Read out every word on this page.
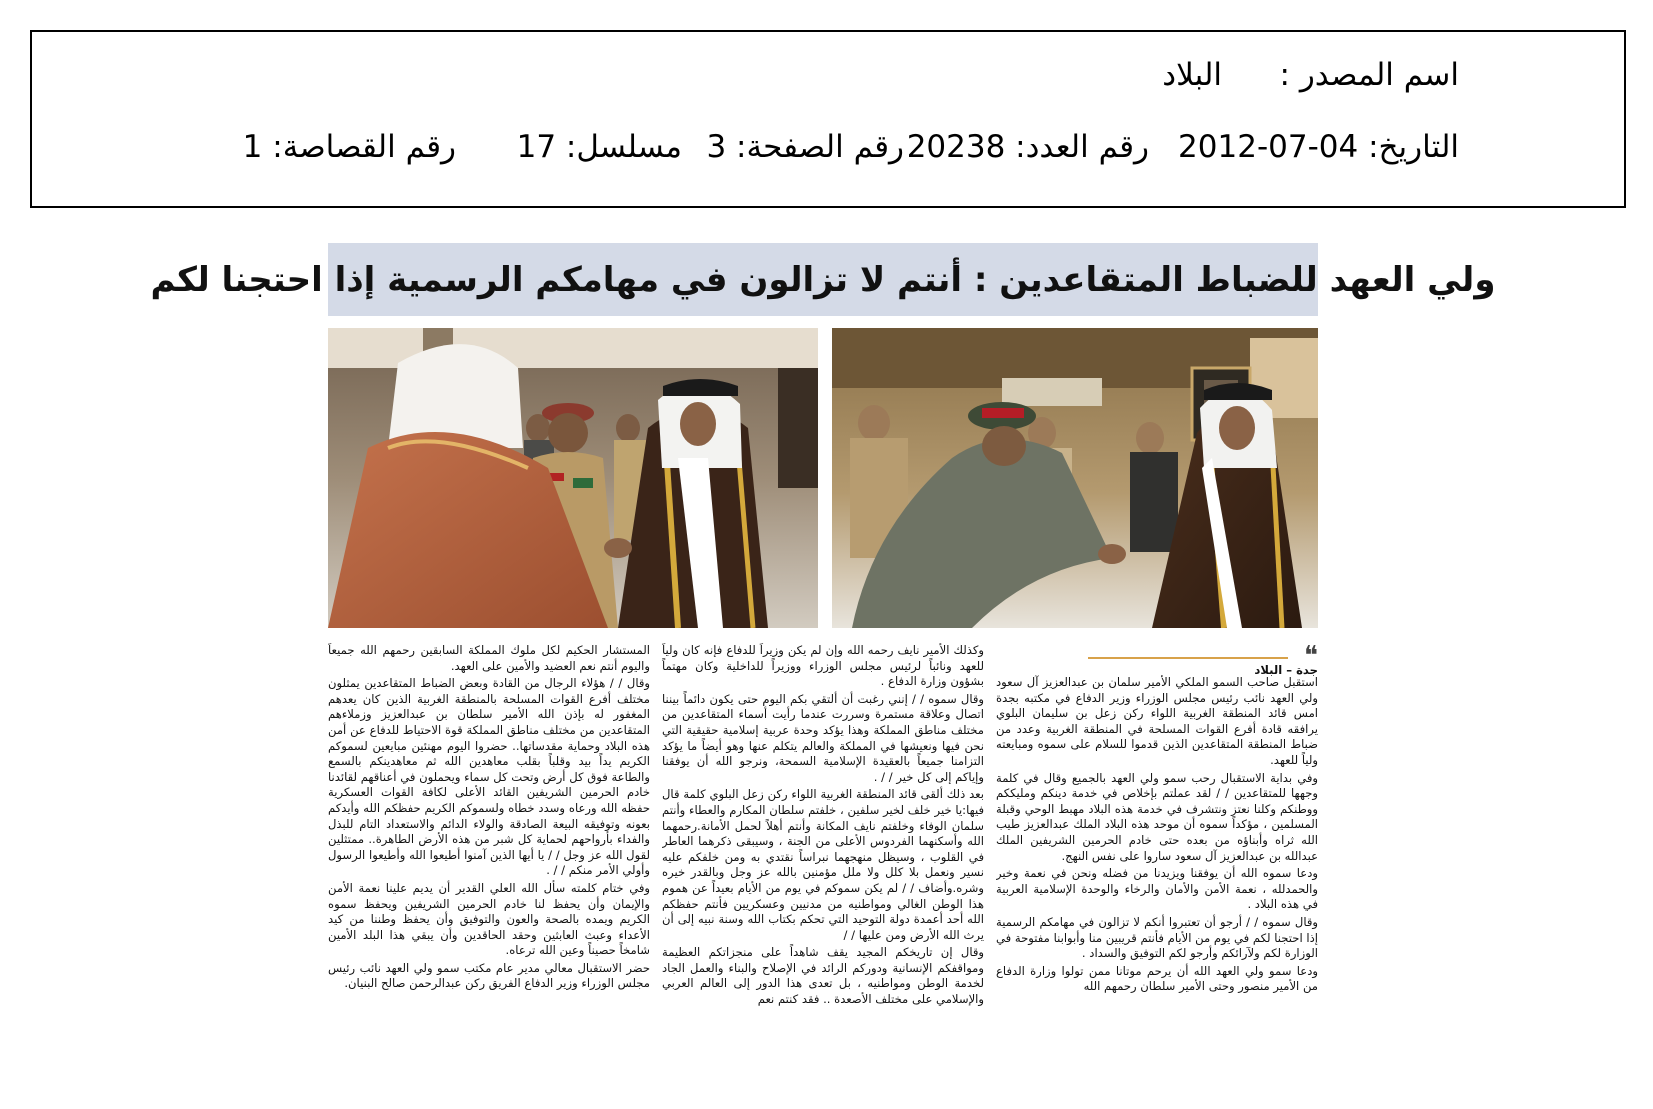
اسم المصدر :
البلاد
التاريخ: 04-07-2012
رقم العدد: 20238
رقم الصفحة: 3
مسلسل: 17
رقم القصاصة: 1
ولي العهد للضباط المتقاعدين : أنتم لا تزالون في مهامكم الرسمية إذا احتجنا لكم
❝
جدة – البلاد

استقبل صاحب السمو الملكي الأمير سلمان بن عبدالعزيز آل سعود ولي العهد نائب رئيس مجلس الوزراء وزير الدفاع في مكتبه بجدة امس قائد المنطقة الغربية اللواء ركن زعل بن سليمان البلوي يرافقه قادة أفرع القوات المسلحة في المنطقة الغربية وعدد من ضباط المنطقة المتقاعدين الذين قدموا للسلام على سموه ومبايعته ولياً للعهد.

وفي بداية الاستقبال رحب سمو ولي العهد بالجميع وقال في كلمة وجهها للمتقاعدين / / لقد عملتم بإخلاص في خدمة دينكم ومليككم ووطنكم وكلنا نعتز ونتشرف في خدمة هذه البلاد مهبط الوحي وقبلة المسلمين ، مؤكداً سموه أن موحد هذه البلاد الملك عبدالعزيز طيب الله ثراه وأبناؤه من بعده حتى خادم الحرمين الشريفين الملك عبدالله بن عبدالعزيز آل سعود ساروا على نفس النهج.

ودعا سموه الله أن يوفقنا ويزيدنا من فضله ونحن في نعمة وخير والحمدلله ، نعمة الأمن والأمان والرخاء والوحدة الإسلامية العربية في هذه البلاد .

وقال سموه / / أرجو أن تعتبروا أنكم لا تزالون في مهامكم الرسمية إذا احتجنا لكم في يوم من الأيام فأنتم قريبين منا وأبوابنا مفتوحة في الوزارة لكم ولآرائكم وأرجو لكم التوفيق والسداد .

ودعا سمو ولي العهد الله أن يرحم موتانا ممن تولوا وزارة الدفاع من الأمير منصور وحتى الأمير سلطان رحمهم الله

وكذلك الأمير نايف رحمه الله وإن لم يكن وزيراً للدفاع فإنه كان ولياً للعهد ونائباً لرئيس مجلس الوزراء ووزيراً للداخلية وكان مهتماً بشؤون وزارة الدفاع .

وقال سموه / / إنني رغبت أن ألتقي بكم اليوم حتى يكون دائماً بيننا اتصال وعلاقة مستمرة وسررت عندما رأيت أسماء المتقاعدين من مختلف مناطق المملكة وهذا يؤكد وحدة عربية إسلامية حقيقية التي نحن فيها ونعيشها في المملكة والعالم يتكلم عنها وهو أيضاً ما يؤكد التزامنا جميعاً بالعقيدة الإسلامية السمحة، ونرجو الله أن يوفقنا وإياكم إلى كل خير / / .

بعد ذلك ألقى قائد المنطقة الغربية اللواء ركن زعل البلوي كلمة قال فيها:يا خير خلف لخير سلفين ، خلفتم سلطان المكارم والعطاء وأنتم سلمان الوفاء وخلفتم نايف المكانة وأنتم أهلاً لحمل الأمانة.رحمهما الله وأسكنهما الفردوس الأعلى من الجنة ، وسيبقى ذكرهما العاطر في القلوب ، وسيظل منهجهما نبراساً نقتدي به ومن خلفكم عليه نسير ونعمل بلا كلل ولا ملل مؤمنين بالله عز وجل وبالقدر خيره وشره.وأضاف / / لم يكن سموكم في يوم من الأيام بعيداً عن هموم هذا الوطن الغالي ومواطنيه من مدنيين وعسكريين فأنتم حفظكم الله أحد أعمدة دولة التوحيد التي تحكم بكتاب الله وسنة نبيه إلى أن يرث الله الأرض ومن عليها / /

وقال إن تاريخكم المجيد يقف شاهداً على منجزاتكم العظيمة ومواقفكم الإنسانية ودوركم الرائد في الإصلاح والبناء والعمل الجاد لخدمة الوطن ومواطنيه ، بل تعدى هذا الدور إلى العالم العربي والإسلامي على مختلف الأصعدة .. فقد كنتم نعم

المستشار الحكيم لكل ملوك المملكة السابقين رحمهم الله جميعاً واليوم أنتم نعم العضيد والأمين على العهد.

وقال / / هؤلاء الرجال من القادة وبعض الضباط المتقاعدين يمثلون مختلف أفرع القوات المسلحة بالمنطقة الغربية الذين كان يعدهم المغفور له بإذن الله الأمير سلطان بن عبدالعزيز وزملاءهم المتقاعدين من مختلف مناطق المملكة قوة الاحتياط للدفاع عن أمن هذه البلاد وحماية مقدساتها.. حضروا اليوم مهنئين مبايعين لسموكم الكريم يداً بيد وقلباً بقلب معاهدين الله ثم معاهدينكم بالسمع والطاعة فوق كل أرض وتحت كل سماء ويحملون في أعناقهم لقائدنا خادم الحرمين الشريفين القائد الأعلى لكافة القوات العسكرية حفظه الله ورعاه وسدد خطاه ولسموكم الكريم حفظكم الله وأيدكم بعونه وتوفيقه البيعة الصادقة والولاء الدائم والاستعداد التام للبذل والفداء بأرواحهم لحماية كل شبر من هذه الأرض الطاهرة.. ممتثلين لقول الله عز وجل / / يا أيها الذين آمنوا أطيعوا الله وأطيعوا الرسول وأولي الأمر منكم / / .

وفي ختام كلمته سأل الله العلي القدير أن يديم علينا نعمة الأمن والإيمان وأن يحفظ لنا خادم الحرمين الشريفين ويحفظ سموه الكريم ويمده بالصحة والعون والتوفيق وأن يحفظ وطننا من كيد الأعداء وعبث العابثين وحقد الحاقدين وأن يبقي هذا البلد الأمين شامخاً حصيناً وعين الله ترعاه.

حضر الاستقبال معالي مدير عام مكتب سمو ولي العهد نائب رئيس مجلس الوزراء وزير الدفاع الفريق ركن عبدالرحمن صالح البنيان.
